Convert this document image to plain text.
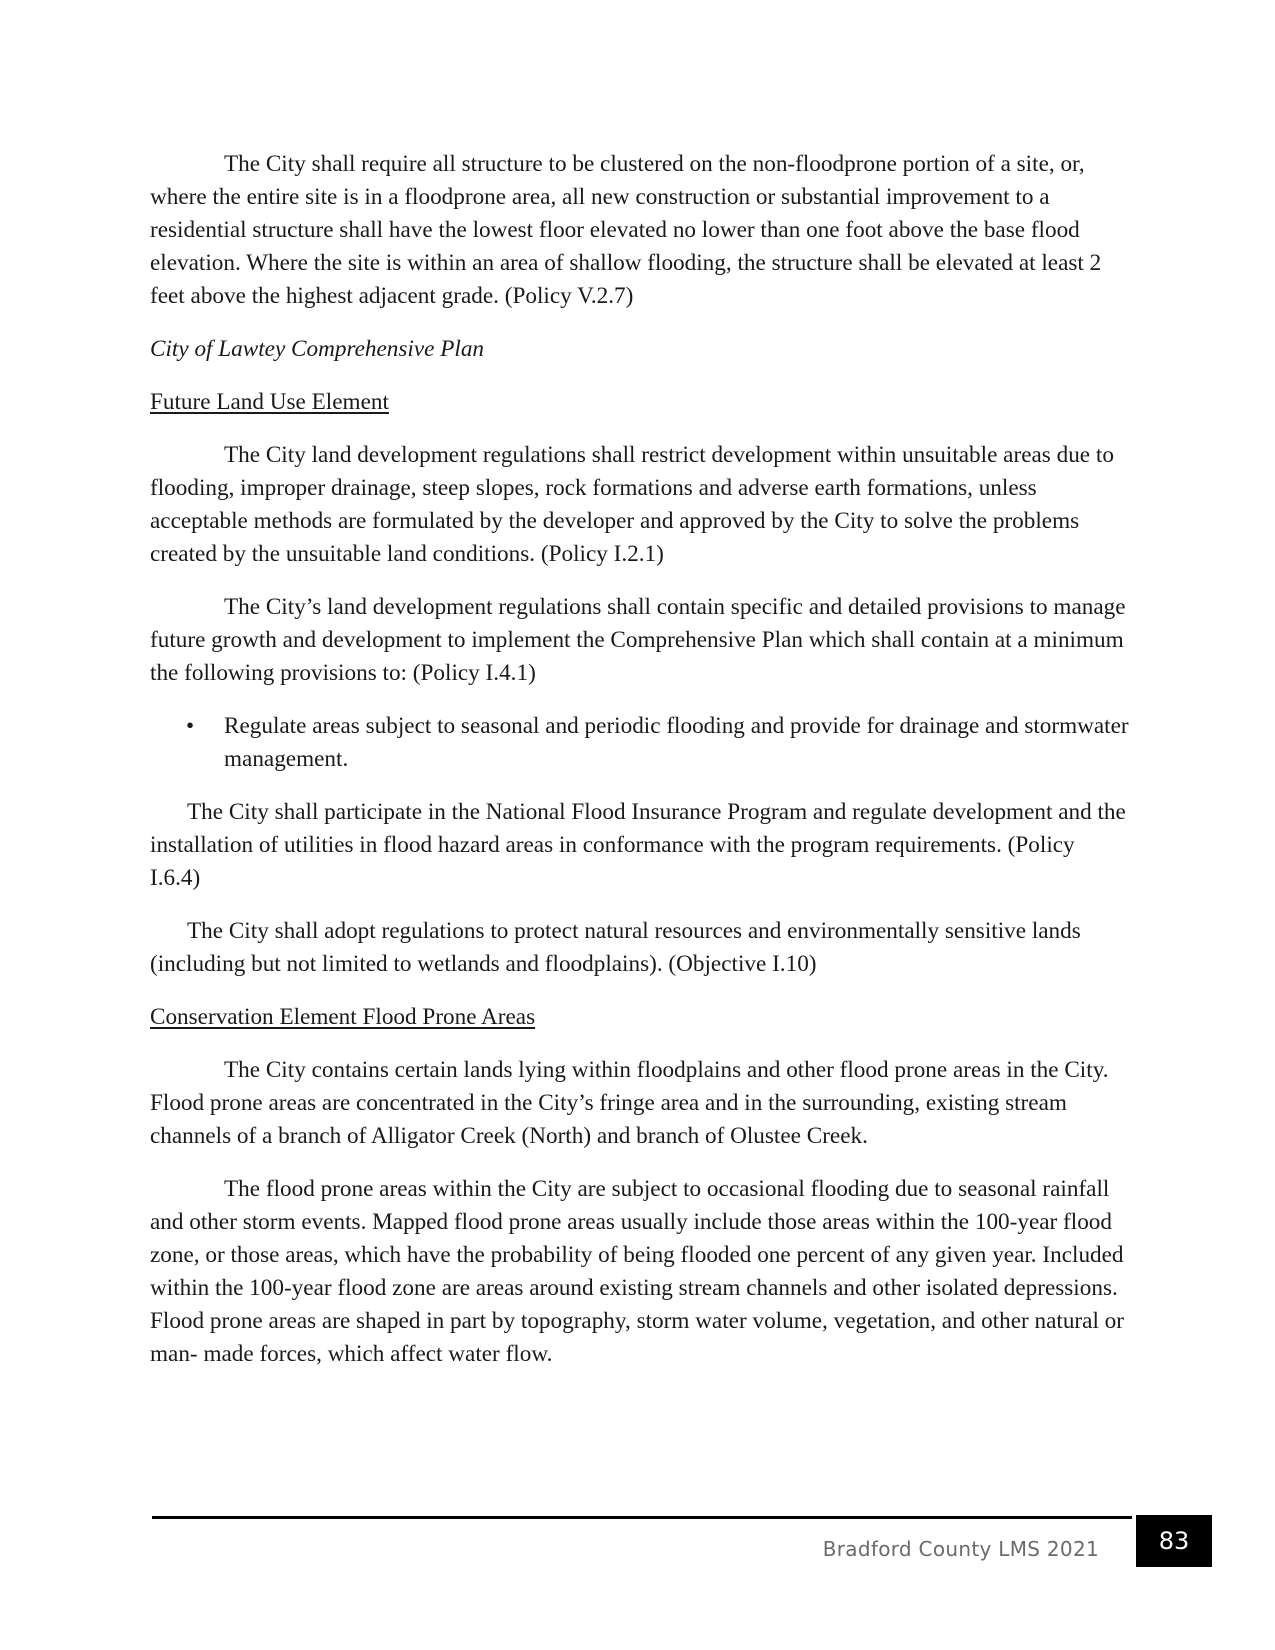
The City shall require all structure to be clustered on the non-floodprone portion of a site, or, where the entire site is in a floodprone area, all new construction or substantial improvement to a residential structure shall have the lowest floor elevated no lower than one foot above the base flood elevation. Where the site is within an area of shallow flooding, the structure shall be elevated at least 2 feet above the highest adjacent grade. (Policy V.2.7)

City of Lawtey Comprehensive Plan

Future Land Use Element

The City land development regulations shall restrict development within unsuitable areas due to flooding, improper drainage, steep slopes, rock formations and adverse earth formations, unless acceptable methods are formulated by the developer and approved by the City to solve the problems created by the unsuitable land conditions. (Policy I.2.1)

The City’s land development regulations shall contain specific and detailed provisions to manage future growth and development to implement the Comprehensive Plan which shall contain at a minimum the following provisions to: (Policy I.4.1)

• Regulate areas subject to seasonal and periodic flooding and provide for drainage and stormwater management.

The City shall participate in the National Flood Insurance Program and regulate development and the installation of utilities in flood hazard areas in conformance with the program requirements. (Policy I.6.4)

The City shall adopt regulations to protect natural resources and environmentally sensitive lands (including but not limited to wetlands and floodplains). (Objective I.10)

Conservation Element Flood Prone Areas

The City contains certain lands lying within floodplains and other flood prone areas in the City. Flood prone areas are concentrated in the City’s fringe area and in the surrounding, existing stream channels of a branch of Alligator Creek (North) and branch of Olustee Creek.

The flood prone areas within the City are subject to occasional flooding due to seasonal rainfall and other storm events. Mapped flood prone areas usually include those areas within the 100-year flood zone, or those areas, which have the probability of being flooded one percent of any given year. Included within the 100-year flood zone are areas around existing stream channels and other isolated depressions. Flood prone areas are shaped in part by topography, storm water volume, vegetation, and other natural or man- made forces, which affect water flow.

Bradford County LMS 2021	83
